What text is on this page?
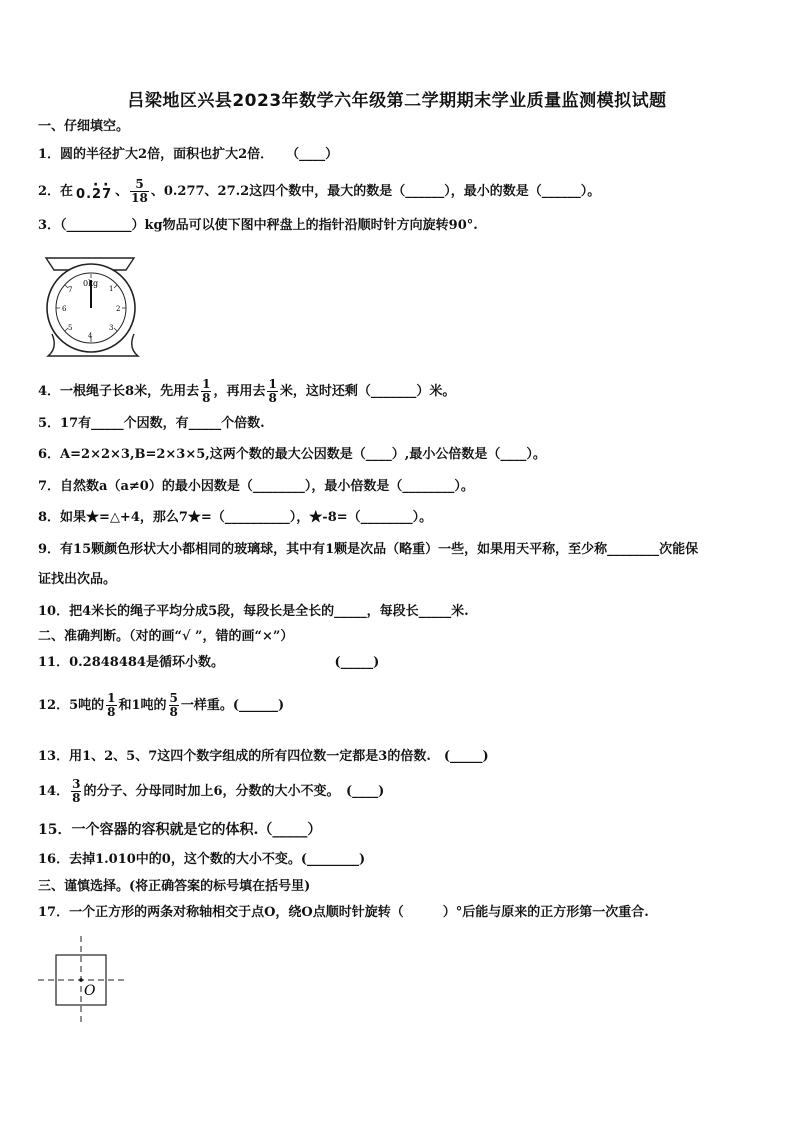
吕梁地区兴县2023年数学六年级第二学期期末学业质量监测模拟试题
一、仔细填空。
1．圆的半径扩大2倍，面积也扩大2倍．　　（____）
2．在 0.· 2· 7 、 $\frac{5}{18}$ 、0.277、27.2这四个数中，最大的数是（______），最小的数是（______）。
3．（__________）kg物品可以使下图中秤盘上的指针沿顺时针方向旋转90°.
0kg
1
2
3
4
5
6
7
4．一根绳子长8米，先用去 $\frac{1}{8}$ ，再用去 $\frac{1}{8}$ 米，这时还剩（_______）米。
5．17有_____个因数，有_____个倍数.
6．A=2×2×3,B=2×3×5,这两个数的最大公因数是（____）,最小公倍数是（____）。
7．自然数a（a≠0）的最小因数是（________），最小倍数是（________）。
8．如果★=△+4，那么7★=（__________），★-8=（________）。
9．有15颗颜色形状大小都相同的玻璃球，其中有1颗是次品（略重）一些，如果用天平称，至少称________次能保
证找出次品。
10．把4米长的绳子平均分成5段，每段长是全长的_____，每段长_____米.
二、准确判断。（对的画“√ ”，错的画“×”）
11．0.2848484是循环小数。　　　　　　　　　(_____)
12．5吨的 $\frac{1}{8}$ 和1吨的 $\frac{5}{8}$ 一样重。(______)
13．用1、2、5、7这四个数字组成的所有四位数一定都是3的倍数.　(_____)
14． $\frac{3}{8}$ 的分子、分母同时加上6，分数的大小不变。　(____)
15．一个容器的容积就是它的体积.（_____）
16．去掉1.010中的0，这个数的大小不变。(________)
三、谨慎选择。(将正确答案的标号填在括号里)
17．一个正方形的两条对称轴相交于点O，绕O点顺时针旋转（　　　）°后能与原来的正方形第一次重合.
O
